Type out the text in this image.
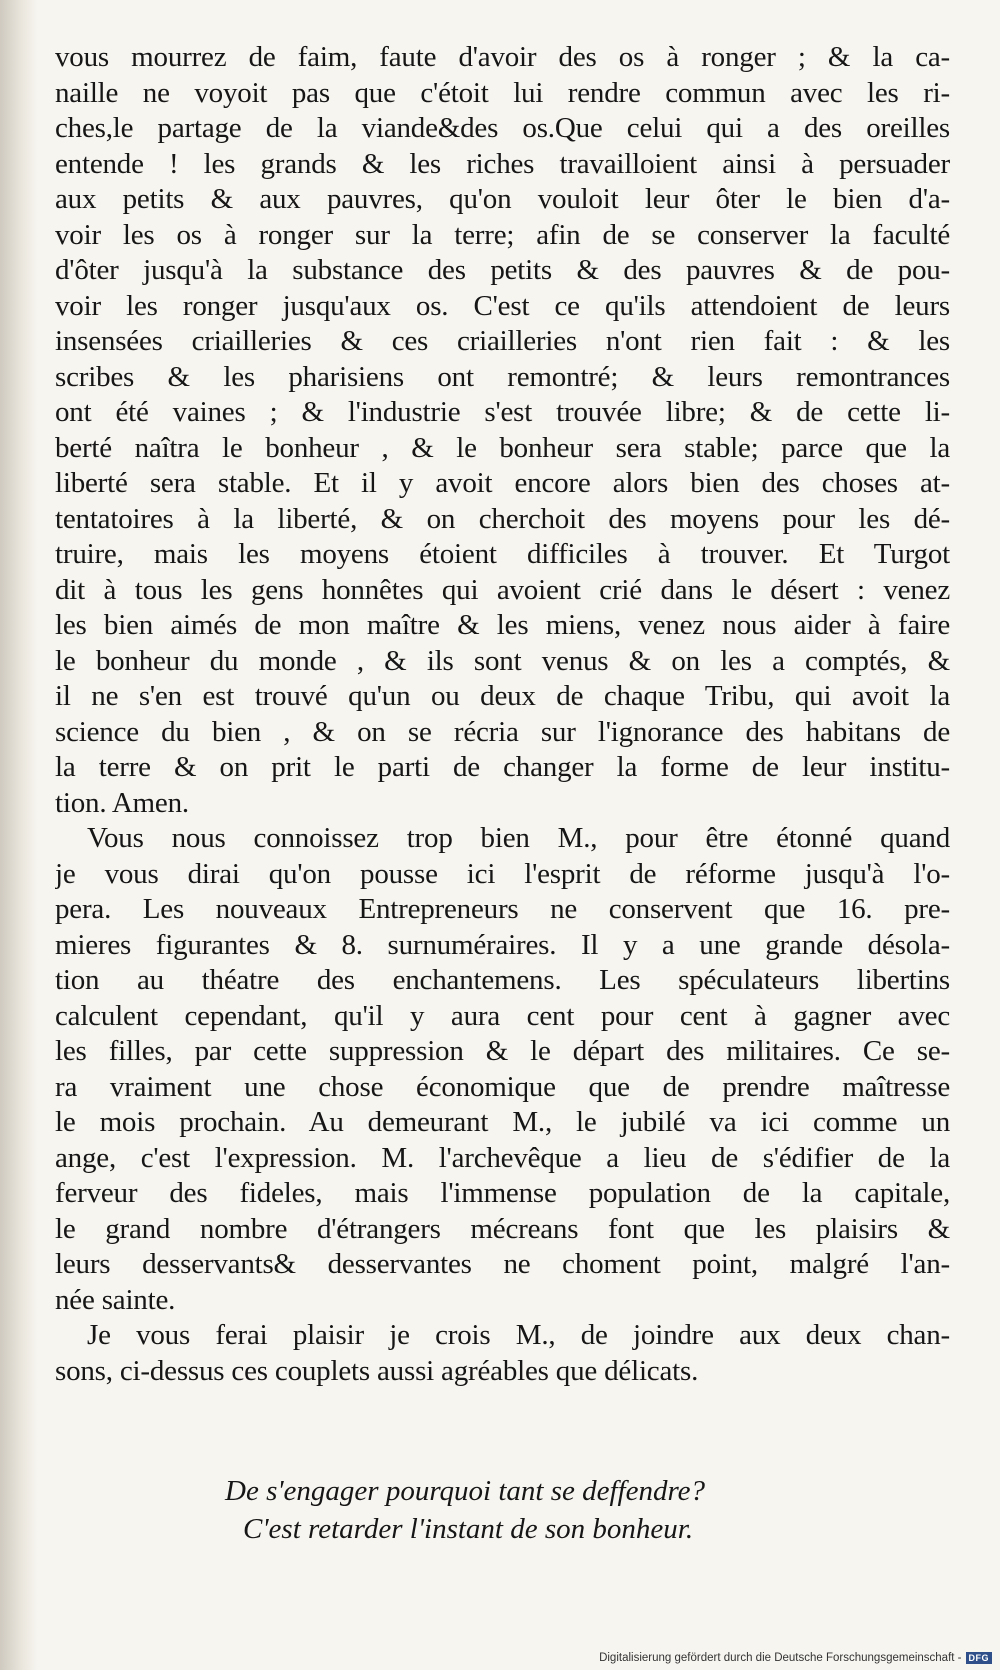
vous mourrez de faim, faute d'avoir des os à ronger ; & la ca-
naille ne voyoit pas que c'étoit lui rendre commun avec les ri-
ches,le partage de la viande&des os.Que celui qui a des oreilles
entende ! les grands & les riches travailloient ainsi à persuader
aux petits & aux pauvres, qu'on vouloit leur ôter le bien d'a-
voir les os à ronger sur la terre; afin de se conserver la faculté
d'ôter jusqu'à la substance des petits & des pauvres & de pou-
voir les ronger jusqu'aux os. C'est ce qu'ils attendoient de leurs
insensées criailleries & ces criailleries n'ont rien fait : & les
scribes & les pharisiens ont remontré; & leurs remontrances
ont été vaines ; & l'industrie s'est trouvée libre; & de cette li-
berté naîtra le bonheur , & le bonheur sera stable; parce que la
liberté sera stable. Et il y avoit encore alors bien des choses at-
tentatoires à la liberté, & on cherchoit des moyens pour les dé-
truire, mais les moyens étoient difficiles à trouver. Et Turgot
dit à tous les gens honnêtes qui avoient crié dans le désert : venez
les bien aimés de mon maître & les miens, venez nous aider à faire
le bonheur du monde , & ils sont venus & on les a comptés, &
il ne s'en est trouvé qu'un ou deux de chaque Tribu, qui avoit la
science du bien , & on se récria sur l'ignorance des habitans de
la terre & on prit le parti de changer la forme de leur institu-
tion. Amen.
Vous nous connoissez trop bien M., pour être étonné quand
je vous dirai qu'on pousse ici l'esprit de réforme jusqu'à l'o-
pera. Les nouveaux Entrepreneurs ne conservent que 16. pre-
mieres figurantes & 8. surnuméraires. Il y a une grande désola-
tion au théatre des enchantemens. Les spéculateurs libertins
calculent cependant, qu'il y aura cent pour cent à gagner avec
les filles, par cette suppression & le départ des militaires. Ce se-
ra vraiment une chose économique que de prendre maîtresse
le mois prochain. Au demeurant M., le jubilé va ici comme un
ange, c'est l'expression. M. l'archevêque a lieu de s'édifier de la
ferveur des fideles, mais l'immense population de la capitale,
le grand nombre d'étrangers mécreans font que les plaisirs &
leurs desservants& desservantes ne choment point, malgré l'an-
née sainte.
Je vous ferai plaisir je crois M., de joindre aux deux chan-
sons, ci-dessus ces couplets aussi agréables que délicats.
De s'engager pourquoi tant se deffendre?
C'est retarder l'instant de son bonheur.
Digitalisierung gefördert durch die Deutsche Forschungsgemeinschaft - DFG
